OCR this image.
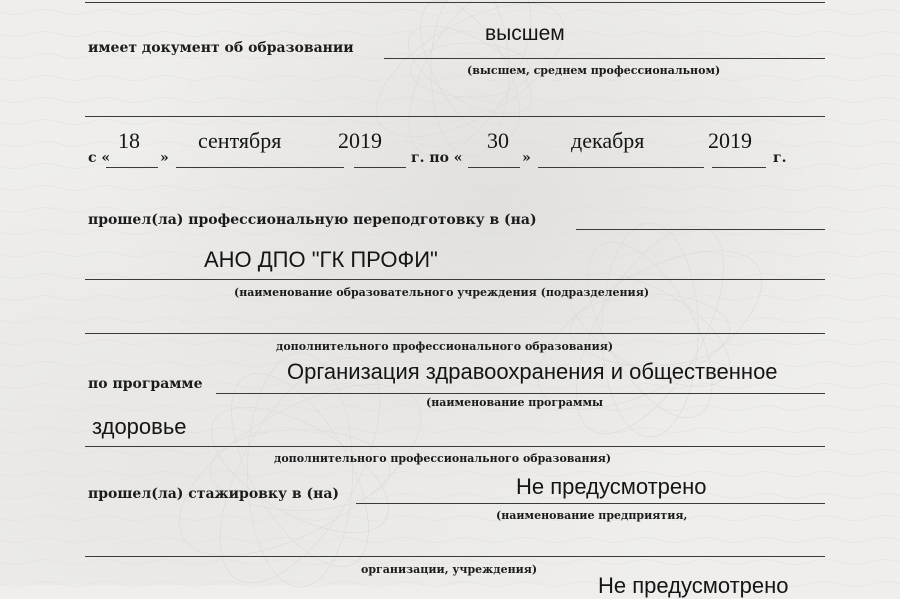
имеет документ об образовании
высшем
(высшем, среднем профессиональном)
с «	»	г. по «	»	г.
18	сентября	2019	30	декабря	2019
прошел(ла) профессиональную переподготовку в (на)
АНО ДПО "ГК ПРОФИ"
(наименование образовательного учреждения (подразделения)
дополнительного профессионального образования)
по программе	Организация здравоохранения и общественное
(наименование программы
здоровье
дополнительного профессионального образования)
прошел(ла) стажировку в (на)	Не предусмотрено
(наименование предприятия,
организации, учреждения)
Не предусмотрено
